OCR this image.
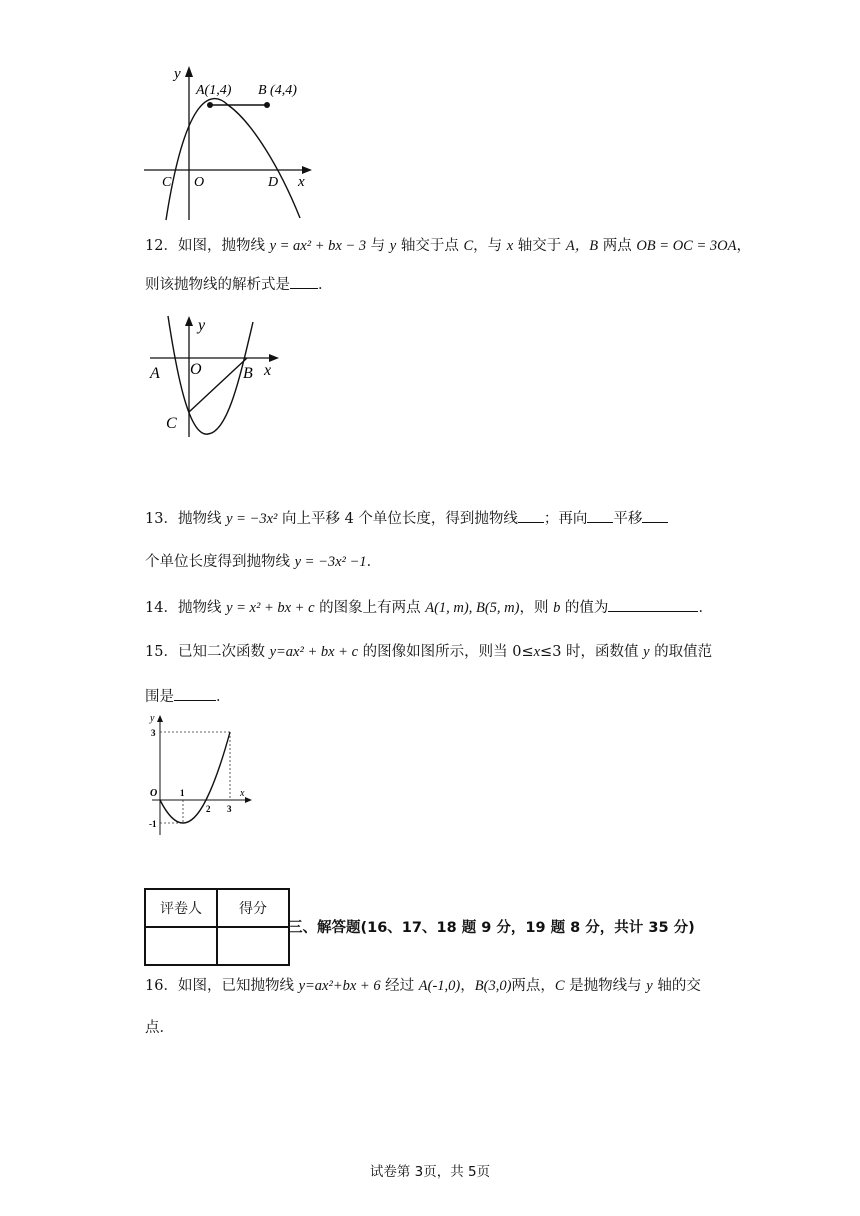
y
A(1,4) B (4,4)
C O	D x
12．如图，抛物线 y = ax² + bx − 3 与 y 轴交于点 C，与 x 轴交于 A，B 两点 OB = OC = 3OA，
则该抛物线的解析式是 ．
y
A O	B x
C
13．抛物线 y = −3x² 向上平移 4 个单位长度，得到抛物线 ；再向 平移
个单位长度得到抛物线 y = −3x² −1．
14．抛物线 y = x² + bx + c 的图象上有两点 A(1, m), B(5, m)，则 b 的值为	．
15．已知二次函数 y=ax² + bx + c 的图像如图所示，则当 0≤x≤3 时，函数值 y 的取值范
围是	．
y
x
O	1
2 3
3
-1
评卷人	得分

三、解答题(16、17、18 题 9 分，19 题 8 分，共计 35 分)
16．如图，已知抛物线 y=ax²+bx + 6 经过 A(-1,0)，B(3,0)两点，C 是抛物线与 y 轴的交
点．
试卷第 3页，共 5页
